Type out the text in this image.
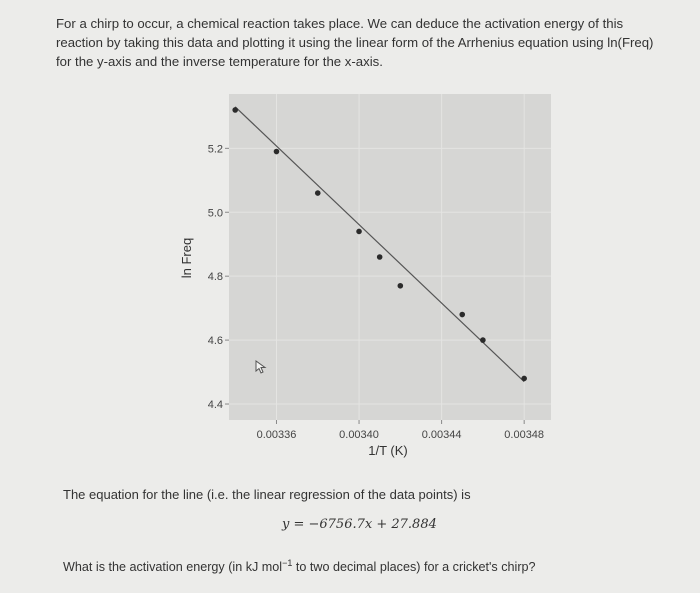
For a chirp to occur, a chemical reaction takes place. We can deduce the activation energy of this reaction by taking this data and plotting it using the linear form of the Arrhenius equation using ln(Freq) for the y-axis and the inverse temperature for the x-axis.
4.4
4.6
4.8
5.0
5.2
0.00336	0.00340	0.00344	0.00348
1/T (K)
ln Freq
The equation for the line (i.e. the linear regression of the data points) is
y = −6756.7x + 27.884
What is the activation energy (in kJ mol$^{-1}$ to two decimal places) for a cricket's chirp?
